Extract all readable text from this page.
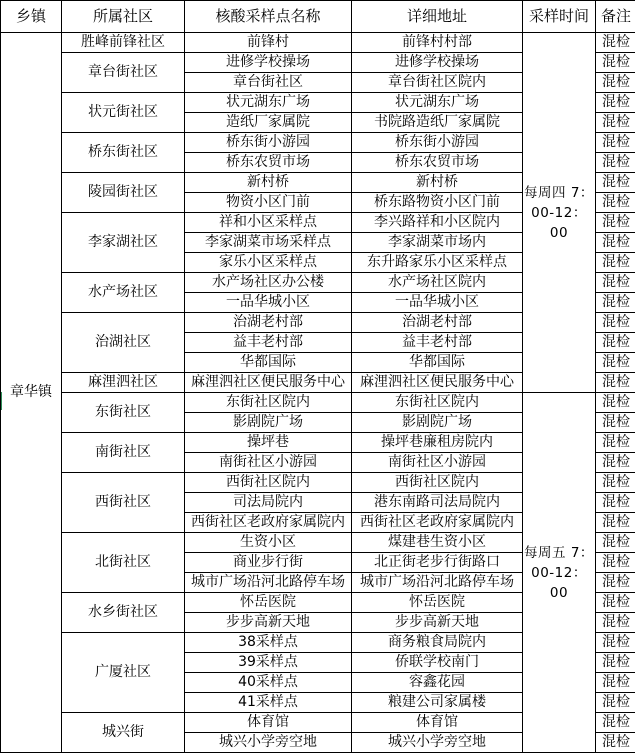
乡镇	所属社区	核酸采样点名称	详细地址	采样时间	备注
章华镇	胜峰前锋社区	前锋村	前锋村村部	每周四 7：00-12：00	混检
	章台街社区	进修学校操场	进修学校操场		混检
		章台街社区	章台街社区院内		混检
	状元街社区	状元湖东广场	状元湖东广场		混检
		造纸厂家属院	书院路造纸厂家属院		混检
	桥东街社区	桥东街小游园	桥东街小游园		混检
		桥东农贸市场	桥东农贸市场		混检
	陵园街社区	新村桥	新村桥		混检
		物资小区门前	桥东路物资小区门前		混检
	李家湖社区	祥和小区采样点	李兴路祥和小区院内		混检
		李家湖菜市场采样点	李家湖菜市场内		混检
		家乐小区采样点	东升路家乐小区采样点		混检
	水产场社区	水产场社区办公楼	水产场社区院内		混检
		一品华城小区	一品华城小区		混检
	治湖社区	治湖老村部	治湖老村部		混检
		益丰老村部	益丰老村部		混检
		华都国际	华都国际		混检
	麻浬泗社区	麻浬泗社区便民服务中心	麻浬泗社区便民服务中心		混检
	东街社区	东街社区院内	东街社区院内	每周五 7：00-12：00	混检
		影剧院广场	影剧院广场		混检
	南街社区	操坪巷	操坪巷廉租房院内		混检
		南街社区小游园	南街社区小游园		混检
	西街社区	西街社区院内	西街社区院内		混检
		司法局院内	港东南路司法局院内		混检
		西街社区老政府家属院内	西街社区老政府家属院内		混检
	北街社区	生资小区	煤建巷生资小区		混检
		商业步行街	北正街老步行街路口		混检
		城市广场沿河北路停车场	城市广场沿河北路停车场		混检
	水乡街社区	怀岳医院	怀岳医院		混检
		步步高新天地	步步高新天地		混检
	广厦社区	38采样点	商务粮食局院内		混检
		39采样点	侨联学校南门		混检
		40采样点	容鑫花园		混检
		41采样点	粮建公司家属楼		混检
	城兴街	体育馆	体育馆		混检
		城兴小学旁空地	城兴小学旁空地		混检
